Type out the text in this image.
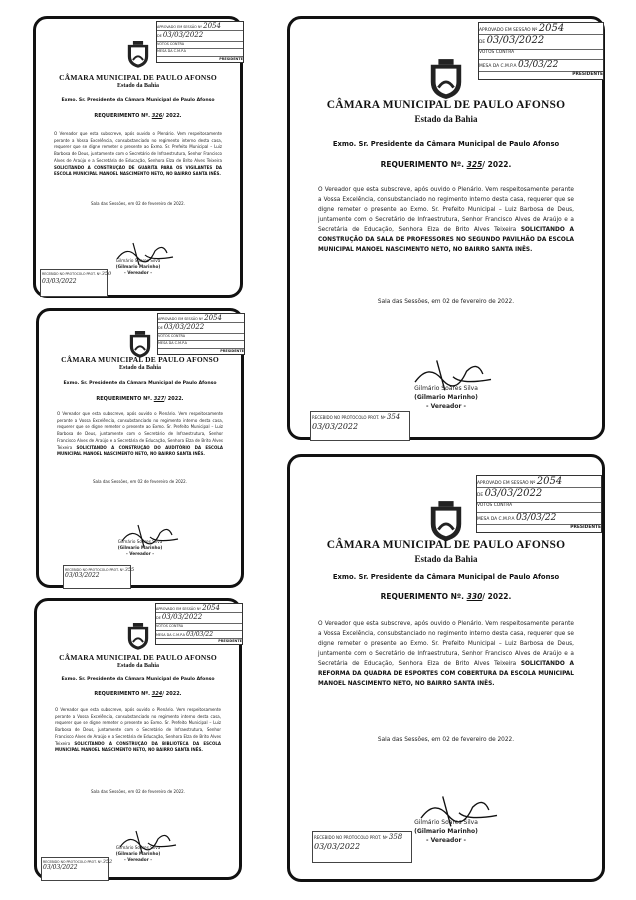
APROVADO EM SESSÃO Nº 2054
DE 03/03/2022
VOTOS CONTRA
MESA DA C.M.P.A
PRESIDENTE
CÂMARA MUNICIPAL DE PAULO AFONSO
Estado da Bahia
Exmo. Sr. Presidente da Câmara Municipal de Paulo Afonso
REQUERIMENTO Nº. 326/ 2022.
O Vereador que esta subscreve, após ouvido o Plenário. Vem respeitosamente perante a Vossa Excelência, consubstanciado no regimento interno desta casa, requerer que se digne remeter o presente ao Exmo. Sr. Prefeito Municipal – Luiz Barbosa de Deus, juntamente com o Secretário de Infraestrutura, Senhor Francisco Alves de Araújo e a Secretária de Educação, Senhora Elza de Brito Alves Teixeira SOLICITANDO A CONSTRUÇÃO DE GUARITA PARA OS VIGILANTES DA ESCOLA MUNICIPAL MANOEL NASCIMENTO NETO, NO BAIRRO SANTA INÊS.
Sala das Sessões, em 02 de fevereiro de 2022.
Gilmário Soares Silva
(Gilmario Marinho)
- Vereador -
RECEBIDO NO PROTOCOLO PROT. Nº 350
03/03/2022
APROVADO EM SESSÃO Nº 2054
DE 03/03/2022
VOTOS CONTRA
MESA DA C.M.P.A 03/03/22
PRESIDENTE
CÂMARA MUNICIPAL DE PAULO AFONSO
Estado da Bahia
Exmo. Sr. Presidente da Câmara Municipal de Paulo Afonso
REQUERIMENTO Nº. 325/ 2022.
O Vereador que esta subscreve, após ouvido o Plenário. Vem respeitosamente perante a Vossa Excelência, consubstanciado no regimento interno desta casa, requerer que se digne remeter o presente ao Exmo. Sr. Prefeito Municipal – Luiz Barbosa de Deus, juntamente com o Secretário de Infraestrutura, Senhor Francisco Alves de Araújo e a Secretária de Educação, Senhora Elza de Brito Alves Teixeira SOLICITANDO A CONSTRUÇÃO DA SALA DE PROFESSORES NO SEGUNDO PAVILHÃO DA ESCOLA MUNICIPAL MANOEL NASCIMENTO NETO, NO BAIRRO SANTA INÊS.
Sala das Sessões, em 02 de fevereiro de 2022.
Gilmário Soares Silva
(Gilmario Marinho)
- Vereador -
RECEBIDO NO PROTOCOLO PROT. Nº 354
03/03/2022
APROVADO EM SESSÃO Nº 2054
DE 03/03/2022
VOTOS CONTRA
MESA DA C.M.P.A
PRESIDENTE
CÂMARA MUNICIPAL DE PAULO AFONSO
Estado da Bahia
Exmo. Sr. Presidente da Câmara Municipal de Paulo Afonso
REQUERIMENTO Nº. 327/ 2022.
O Vereador que esta subscreve, após ouvido o Plenário. Vem respeitosamente perante a Vossa Excelência, consubstanciado no regimento interno desta casa, requerer que se digne remeter o presente ao Exmo. Sr. Prefeito Municipal – Luiz Barbosa de Deus, juntamente com o Secretário de Infraestrutura, Senhor Francisco Alves de Araújo e a Secretária de Educação, Senhora Elza de Brito Alves Teixeira SOLICITANDO A CONSTRUÇÃO DO AUDITÓRIO DA ESCOLA MUNICIPAL MANOEL NASCIMENTO NETO, NO BAIRRO SANTA INÊS.
Sala das Sessões, em 02 de fevereiro de 2022.
Gilmário Soares Silva
(Gilmario Marinho)
- Vereador -
RECEBIDO NO PROTOCOLO PROT. Nº 355
03/03/2022
APROVADO EM SESSÃO Nº 2054
DE 03/03/2022
VOTOS CONTRA
MESA DA C.M.P.A 03/03/22
PRESIDENTE
CÂMARA MUNICIPAL DE PAULO AFONSO
Estado da Bahia
Exmo. Sr. Presidente da Câmara Municipal de Paulo Afonso
REQUERIMENTO Nº. 330/ 2022.
O Vereador que esta subscreve, após ouvido o Plenário. Vem respeitosamente perante a Vossa Excelência, consubstanciado no regimento interno desta casa, requerer que se digne remeter o presente ao Exmo. Sr. Prefeito Municipal – Luiz Barbosa de Deus, juntamente com o Secretário de Infraestrutura, Senhor Francisco Alves de Araújo e a Secretária de Educação, Senhora Elza de Brito Alves Teixeira SOLICITANDO A REFORMA DA QUADRA DE ESPORTES COM COBERTURA DA ESCOLA MUNICIPAL MANOEL NASCIMENTO NETO, NO BAIRRO SANTA INÊS.
Sala das Sessões, em 02 de fevereiro de 2022.
Gilmário Soares Silva
(Gilmario Marinho)
- Vereador -
RECEBIDO NO PROTOCOLO PROT. Nº 358
03/03/2022
APROVADO EM SESSÃO Nº 2054
DE 03/03/2022
VOTOS CONTRA
MESA DA C.M.P.A 03/03/22
PRESIDENTE
CÂMARA MUNICIPAL DE PAULO AFONSO
Estado da Bahia
Exmo. Sr. Presidente da Câmara Municipal de Paulo Afonso
REQUERIMENTO Nº. 324/ 2022.
O Vereador que esta subscreve, após ouvido o Plenário. Vem respeitosamente perante a Vossa Excelência, consubstanciado no regimento interno desta casa, requerer que se digne remeter o presente ao Exmo. Sr. Prefeito Municipal – Luiz Barbosa de Deus, juntamente com o Secretário de Infraestrutura, Senhor Francisco Alves de Araújo e a Secretária de Educação, Senhora Elza de Brito Alves Teixeira SOLICITANDO A CONSTRUÇÃO DA BIBLIOTECA DA ESCOLA MUNICIPAL MANOEL NASCIMENTO NETO, NO BAIRRO SANTA INÊS.
Sala das Sessões, em 02 de fevereiro de 2022.
Gilmário Soares Silva
(Gilmario Marinho)
- Vereador -
RECEBIDO NO PROTOCOLO PROT. Nº 352
03/03/2022
